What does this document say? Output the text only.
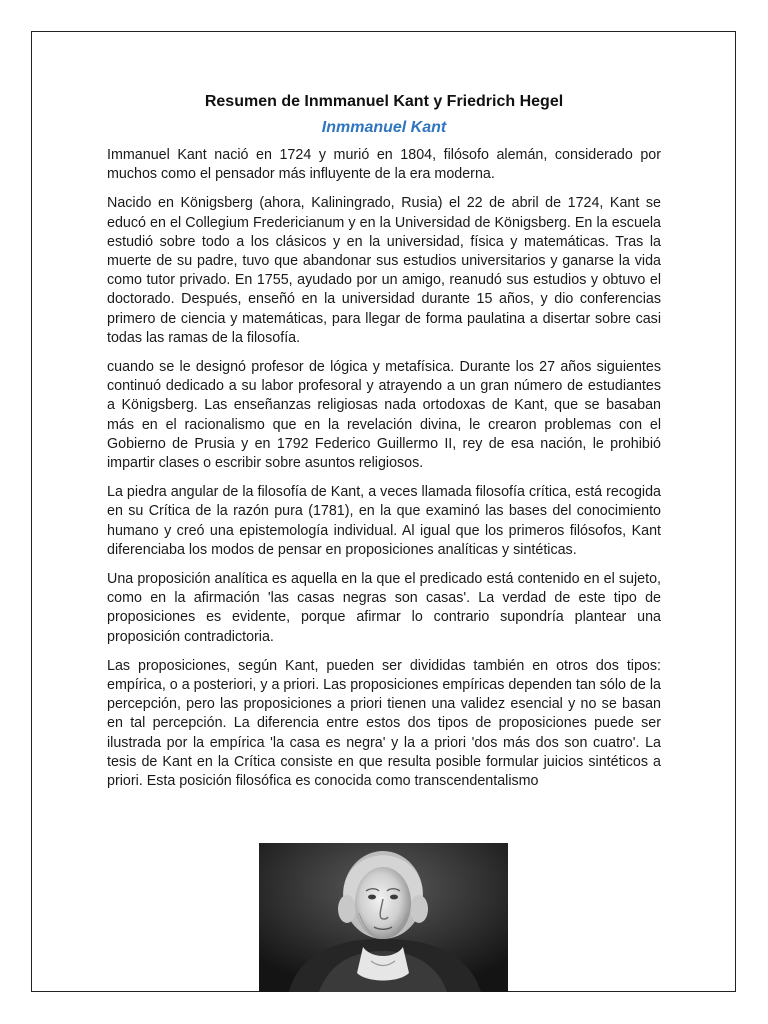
Resumen de Inmmanuel Kant y Friedrich Hegel
Inmmanuel Kant

Immanuel Kant nació en 1724 y murió en 1804, filósofo alemán, considerado por muchos como el pensador más influyente de la era moderna.

Nacido en Königsberg (ahora, Kaliningrado, Rusia) el 22 de abril de 1724, Kant se educó en el Collegium Fredericianum y en la Universidad de Königsberg. En la escuela estudió sobre todo a los clásicos y en la universidad, física y matemáticas. Tras la muerte de su padre, tuvo que abandonar sus estudios universitarios y ganarse la vida como tutor privado. En 1755, ayudado por un amigo, reanudó sus estudios y obtuvo el doctorado. Después, enseñó en la universidad durante 15 años, y dio conferencias primero de ciencia y matemáticas, para llegar de forma paulatina a disertar sobre casi todas las ramas de la filosofía.

cuando se le designó profesor de lógica y metafísica. Durante los 27 años siguientes continuó dedicado a su labor profesoral y atrayendo a un gran número de estudiantes a Königsberg. Las enseñanzas religiosas nada ortodoxas de Kant, que se basaban más en el racionalismo que en la revelación divina, le crearon problemas con el Gobierno de Prusia y en 1792 Federico Guillermo II, rey de esa nación, le prohibió impartir clases o escribir sobre asuntos religiosos.

La piedra angular de la filosofía de Kant, a veces llamada filosofía crítica, está recogida en su Crítica de la razón pura (1781), en la que examinó las bases del conocimiento humano y creó una epistemología individual. Al igual que los primeros filósofos, Kant diferenciaba los modos de pensar en proposiciones analíticas y sintéticas.

Una proposición analítica es aquella en la que el predicado está contenido en el sujeto, como en la afirmación 'las casas negras son casas'. La verdad de este tipo de proposiciones es evidente, porque afirmar lo contrario supondría plantear una proposición contradictoria.

Las proposiciones, según Kant, pueden ser divididas también en otros dos tipos: empírica, o a posteriori, y a priori. Las proposiciones empíricas dependen tan sólo de la percepción, pero las proposiciones a priori tienen una validez esencial y no se basan en tal percepción. La diferencia entre estos dos tipos de proposiciones puede ser ilustrada por la empírica 'la casa es negra' y la a priori 'dos más dos son cuatro'. La tesis de Kant en la Crítica consiste en que resulta posible formular juicios sintéticos a priori. Esta posición filosófica es conocida como transcendentalismo
